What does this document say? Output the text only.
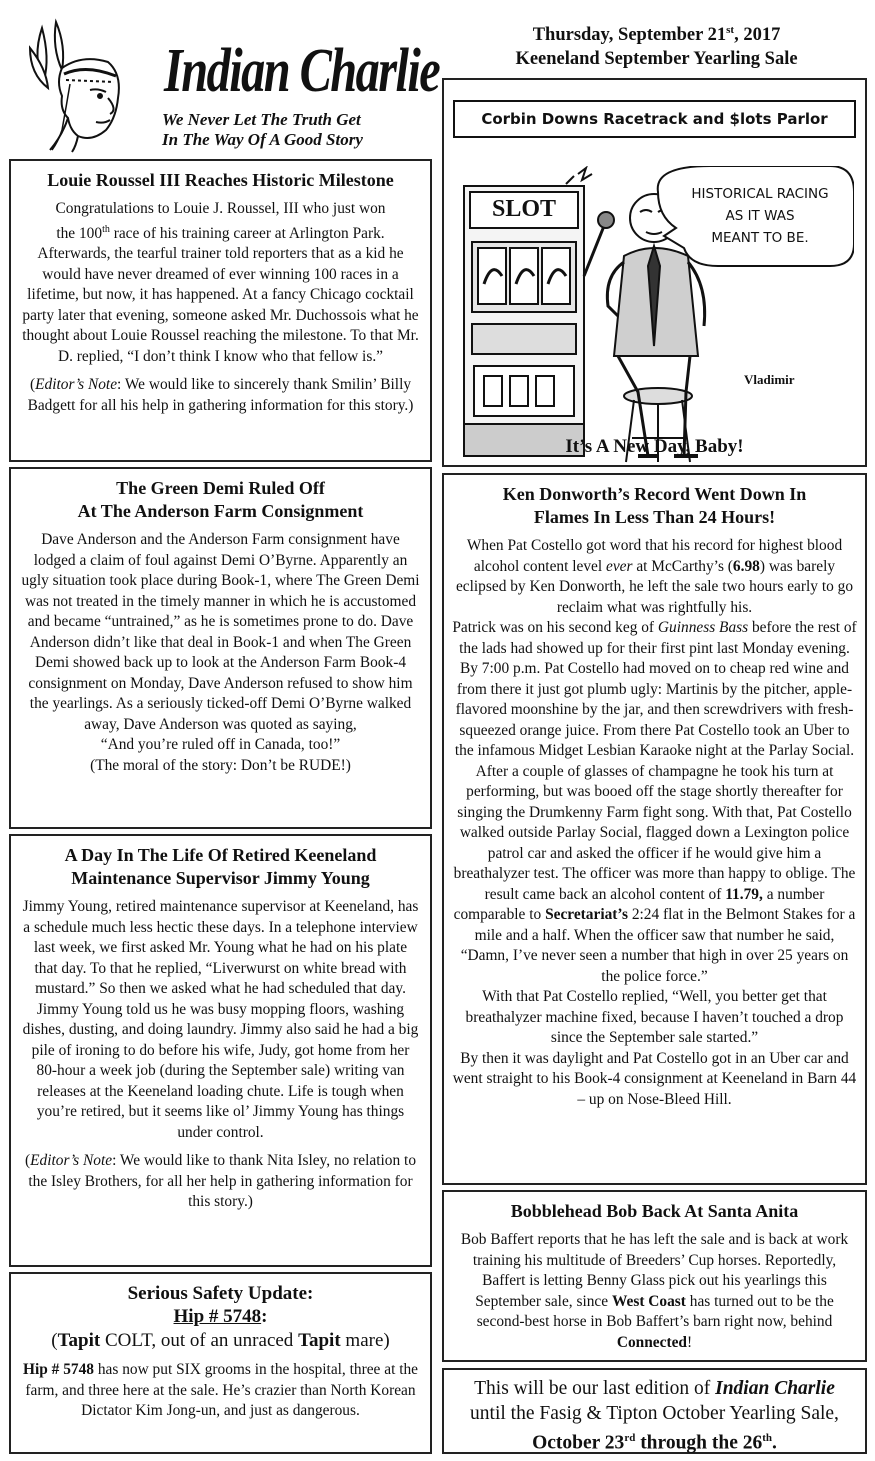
Indian Charlie
We Never Let The Truth Get
In The Way Of A Good Story
Thursday, September 21st, 2017
Keeneland September Yearling Sale
Corbin Downs Racetrack and $lots Parlor
SLOT
HISTORICAL RACING
AS IT WAS
MEANT TO BE.
Vladimir
It’s A New Day, Baby!
Louie Roussel III Reaches Historic Milestone
Congratulations to Louie J. Roussel, III who just won
the 100th race of his training career at Arlington Park.
Afterwards, the tearful trainer told reporters that as a kid he would have never dreamed of ever winning 100 races in a lifetime, but now, it has happened. At a fancy Chicago cocktail party later that evening, someone asked Mr. Duchossois what he thought about Louie Roussel reaching the milestone. To that Mr. D. replied, “I don’t think I know who that fellow is.”
(Editor’s Note: We would like to sincerely thank Smilin’ Billy Badgett for all his help in gathering information for this story.)
The Green Demi Ruled Off
At The Anderson Farm Consignment
Dave Anderson and the Anderson Farm consignment have lodged a claim of foul against Demi O’Byrne. Apparently an ugly situation took place during Book-1, where The Green Demi was not treated in the timely manner in which he is accustomed and became “untrained,” as he is sometimes prone to do. Dave Anderson didn’t like that deal in Book-1 and when The Green Demi showed back up to look at the Anderson Farm Book-4 consignment on Monday, Dave Anderson refused to show him the yearlings. As a seriously ticked-off Demi O’Byrne walked away, Dave Anderson was quoted as saying,
“And you’re ruled off in Canada, too!”
(The moral of the story: Don’t be RUDE!)
A Day In The Life Of Retired Keeneland
Maintenance Supervisor Jimmy Young
Jimmy Young, retired maintenance supervisor at Keeneland, has a schedule much less hectic these days. In a telephone interview last week, we first asked Mr. Young what he had on his plate that day. To that he replied, “Liverwurst on white bread with mustard.” So then we asked what he had scheduled that day. Jimmy Young told us he was busy mopping floors, washing dishes, dusting, and doing laundry. Jimmy also said he had a big pile of ironing to do before his wife, Judy, got home from her 80-hour a week job (during the September sale) writing van releases at the Keeneland loading chute. Life is tough when you’re retired, but it seems like ol’ Jimmy Young has things under control.
(Editor’s Note: We would like to thank Nita Isley, no relation to the Isley Brothers, for all her help in gathering information for this story.)
Serious Safety Update:
Hip # 5748:
(Tapit COLT, out of an unraced Tapit mare)
Hip # 5748 has now put SIX grooms in the hospital, three at the farm, and three here at the sale. He’s crazier than North Korean Dictator Kim Jong-un, and just as dangerous.
Ken Donworth’s Record Went Down In
Flames In Less Than 24 Hours!
When Pat Costello got word that his record for highest blood alcohol content level ever at McCarthy’s (6.98) was barely eclipsed by Ken Donworth, he left the sale two hours early to go reclaim what was rightfully his.
Patrick was on his second keg of Guinness Bass before the rest of the lads had showed up for their first pint last Monday evening.
By 7:00 p.m. Pat Costello had moved on to cheap red wine and from there it just got plumb ugly: Martinis by the pitcher, apple-flavored moonshine by the jar, and then screwdrivers with fresh-squeezed orange juice. From there Pat Costello took an Uber to the infamous Midget Lesbian Karaoke night at the Parlay Social. After a couple of glasses of champagne he took his turn at performing, but was booed off the stage shortly thereafter for singing the Drumkenny Farm fight song. With that, Pat Costello walked outside Parlay Social, flagged down a Lexington police patrol car and asked the officer if he would give him a breathalyzer test. The officer was more than happy to oblige. The result came back an alcohol content of 11.79, a number comparable to Secretariat’s 2:24 flat in the Belmont Stakes for a mile and a half. When the officer saw that number he said, “Damn, I’ve never seen a number that high in over 25 years on the police force.”
With that Pat Costello replied, “Well, you better get that breathalyzer machine fixed, because I haven’t touched a drop since the September sale started.”
By then it was daylight and Pat Costello got in an Uber car and went straight to his Book-4 consignment at Keeneland in Barn 44 – up on Nose-Bleed Hill.
Bobblehead Bob Back At Santa Anita
Bob Baffert reports that he has left the sale and is back at work training his multitude of Breeders’ Cup horses. Reportedly, Baffert is letting Benny Glass pick out his yearlings this September sale, since West Coast has turned out to be the second-best horse in Bob Baffert’s barn right now, behind Connected!
This will be our last edition of Indian Charlie
until the Fasig & Tipton October Yearling Sale,
October 23rd through the 26th.
